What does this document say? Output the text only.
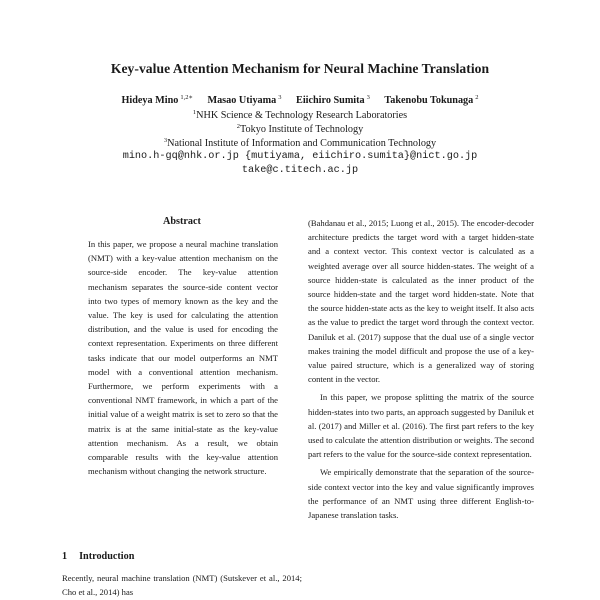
Key-value Attention Mechanism for Neural Machine Translation
Hideya Mino $^{1,2∗}$ Masao Utiyama $^3$ Eiichiro Sumita $^3$ Takenobu Tokunaga $^2$
$^1$NHK Science & Technology Research Laboratories
$^2$Tokyo Institute of Technology
$^3$National Institute of Information and Communication Technology
mino.h-gq@nhk.or.jp {mutiyama, eiichiro.sumita}@nict.go.jp
take@c.titech.ac.jp
Abstract

In this paper, we propose a neural machine translation (NMT) with a key-value attention mechanism on the source-side encoder. The key-value attention mechanism separates the source-side content vector into two types of memory known as the key and the value. The key is used for calculating the attention distribution, and the value is used for encoding the context representation. Experiments on three different tasks indicate that our model outperforms an NMT model with a conventional attention mechanism. Furthermore, we perform experiments with a conventional NMT framework, in which a part of the initial value of a weight matrix is set to zero so that the matrix is at the same initial-state as the key-value attention mechanism. As a result, we obtain comparable results with the key-value attention mechanism without changing the network structure.

1 Introduction

Recently, neural machine translation (NMT) (Sutskever et al., 2014; Cho et al., 2014) has

(Bahdanau et al., 2015; Luong et al., 2015). The encoder-decoder architecture predicts the target word with a target hidden-state and a context vector. This context vector is calculated as a weighted average over all source hidden-states. The weight of a source hidden-state is calculated as the inner product of the source hidden-state and the target word hidden-state. Note that the source hidden-state acts as the key to weight itself. It also acts as the value to predict the target word through the context vector. Daniluk et al. (2017) suppose that the dual use of a single vector makes training the model difficult and propose the use of a key-value paired structure, which is a generalized way of storing content in the vector.

In this paper, we propose splitting the matrix of the source hidden-states into two parts, an approach suggested by Daniluk et al. (2017) and Miller et al. (2016). The first part refers to the key used to calculate the attention distribution or weights. The second part refers to the value for the source-side context representation.

We empirically demonstrate that the separation of the source-side context vector into the key and value significantly improves the performance of an NMT using three different English-to-Japanese translation tasks.
